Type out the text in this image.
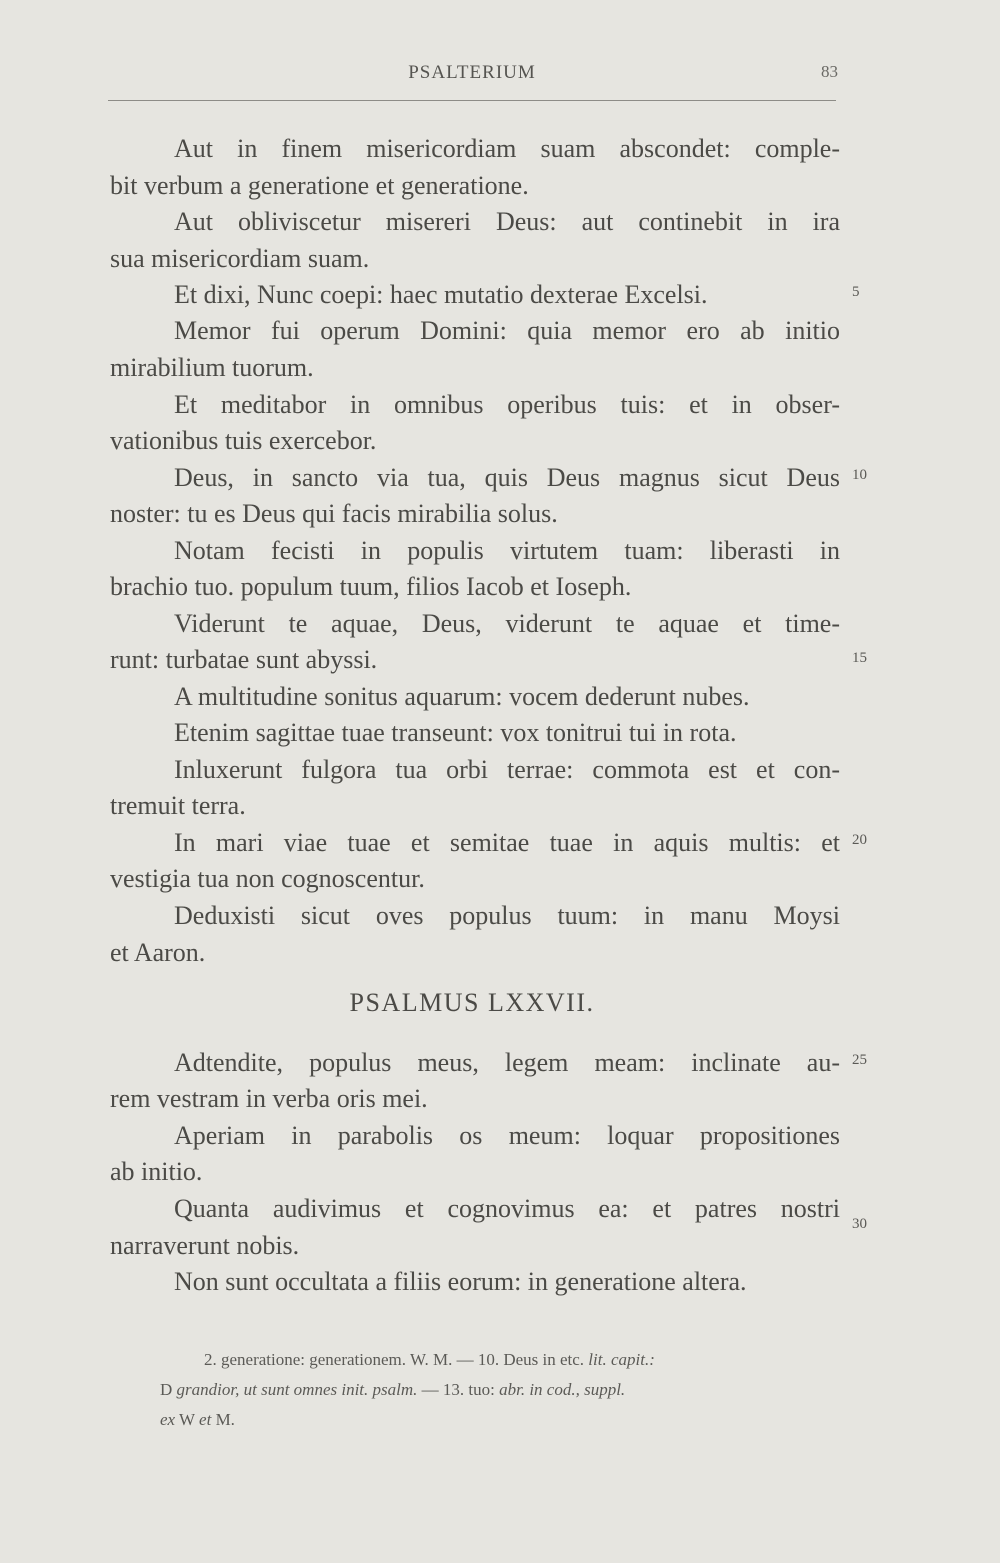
PSALTERIUM	83
Aut in finem misericordiam suam abscondet: comple-
bit verbum a generatione et generatione.
Aut obliviscetur misereri Deus: aut continebit in ira
sua misericordiam suam.
Et dixi, Nunc coepi: haec mutatio dexterae Excelsi.
Memor fui operum Domini: quia memor ero ab initio
mirabilium tuorum.
Et meditabor in omnibus operibus tuis: et in obser-
vationibus tuis exercebor.
Deus, in sancto via tua, quis Deus magnus sicut Deus
noster: tu es Deus qui facis mirabilia solus.
Notam fecisti in populis virtutem tuam: liberasti in
brachio tuo. populum tuum, filios Iacob et Ioseph.
Viderunt te aquae, Deus, viderunt te aquae et time-
runt: turbatae sunt abyssi.
A multitudine sonitus aquarum: vocem dederunt nubes.
Etenim sagittae tuae transeunt: vox tonitrui tui in rota.
Inluxerunt fulgora tua orbi terrae: commota est et con-
tremuit terra.
In mari viae tuae et semitae tuae in aquis multis: et
vestigia tua non cognoscentur.
Deduxisti sicut oves populus tuum: in manu Moysi
et Aaron.
PSALMUS LXXVII.
Adtendite, populus meus, legem meam: inclinate au-
rem vestram in verba oris mei.
Aperiam in parabolis os meum: loquar propositiones
ab initio.
Quanta audivimus et cognovimus ea: et patres nostri
narraverunt nobis.
Non sunt occultata a filiis eorum: in generatione altera.
5
10
15
20
25
30
2. generatione: generationem. W. M. — 10. Deus in etc. lit. capit.:
D grandior, ut sunt omnes init. psalm. — 13. tuo: abr. in cod., suppl.
ex W et M.
